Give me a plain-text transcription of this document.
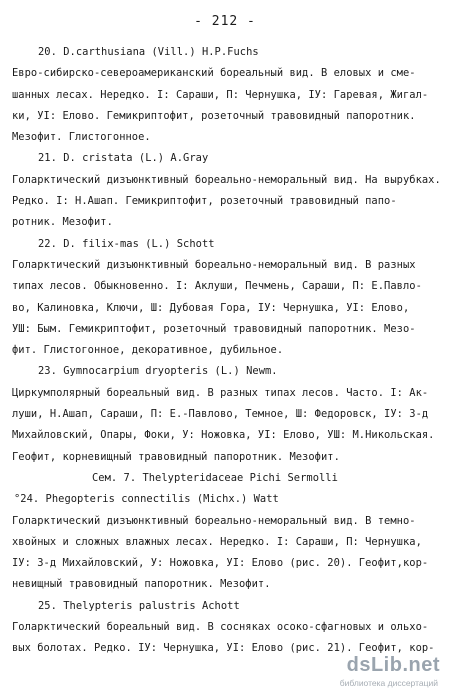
- 212 -
20. D.carthusiana (Vill.) H.P.Fuchs
Евро-сибирско-североамериканский бореальный вид. В еловых и сме-
шанных лесах. Нередко. I: Сараши, П: Чернушка, IУ: Гаревая, Жигал-
ки, УI: Елово. Гемикриптофит, розеточный травовидный папоротник.
Мезофит. Глистогонное.
21. D. cristata (L.) A.Gray
Голарктический дизъюнктивный бореально-неморальный вид. На вырубках.
Редко. I: Н.Ашап. Гемикриптофит, розеточный травовидный папо-
ротник. Мезофит.
22. D. filix-mas (L.) Schott
Голарктический дизъюнктивный бореально-неморальный вид. В разных
типах лесов. Обыкновенно. I: Аклуши, Печмень, Сараши, П: Е.Павло-
во, Калиновка, Ключи, Ш: Дубовая Гора, IУ: Чернушка, УI: Елово,
УШ: Бым. Гемикриптофит, розеточный травовидный папоротник. Мезо-
фит. Глистогонное, декоративное, дубильное.
23. Gymnocarpium dryopteris (L.) Newm.
Циркумполярный бореальный вид. В разных типах лесов. Часто. I: Ак-
луши, Н.Ашап, Сараши, П: Е.-Павлово, Темное, Ш: Федоровск, IУ: 3-д
Михайловский, Опары, Фоки, У: Ножовка, УI: Елово, УШ: М.Никольская.
Геофит, корневищный травовидный папоротник. Мезофит.
Сем. 7. Thelypteridaceae Pichi Sermolli
°24. Phegopteris connectilis (Michx.) Watt
Голарктический дизъюнктивный бореально-неморальный вид. В темно-
хвойных и сложных влажных лесах. Нередко. I: Сараши, П: Чернушка,
IУ: 3-д Михайловский, У: Ножовка, УI: Елово (рис. 20). Геофит,кор-
невищный травовидный папоротник. Мезофит.
25. Thelypteris palustris Achott
Голарктический бореальный вид. В сосняках осоко-сфагновых и ольхо-
вых болотах. Редко. IУ: Чернушка, УI: Елово (рис. 21). Геофит, кор-
dsLib.net
библиотека диссертаций
